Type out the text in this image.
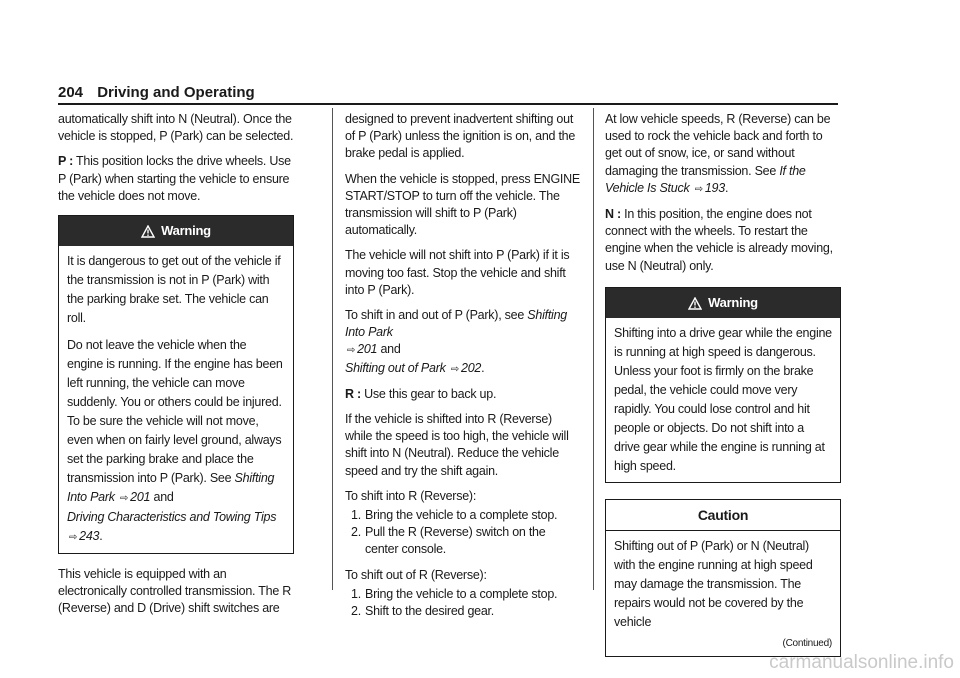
204 Driving and Operating

automatically shift into N (Neutral). Once the vehicle is stopped, P (Park) can be selected.

P : This position locks the drive wheels. Use P (Park) when starting the vehicle to ensure the vehicle does not move.

Warning

It is dangerous to get out of the vehicle if the transmission is not in P (Park) with the parking brake set. The vehicle can roll.

Do not leave the vehicle when the engine is running. If the engine has been left running, the vehicle can move suddenly. You or others could be injured. To be sure the vehicle will not move, even when on fairly level ground, always set the parking brake and place the transmission into P (Park). See Shifting Into Park ⇨ 201 and
Driving Characteristics and Towing Tips
⇨ 243.

This vehicle is equipped with an electronically controlled transmission. The R (Reverse) and D (Drive) shift switches are

designed to prevent inadvertent shifting out of P (Park) unless the ignition is on, and the brake pedal is applied.

When the vehicle is stopped, press ENGINE START/STOP to turn off the vehicle. The transmission will shift to P (Park) automatically.

The vehicle will not shift into P (Park) if it is moving too fast. Stop the vehicle and shift into P (Park).

To shift in and out of P (Park), see Shifting Into Park
⇨ 201 and
Shifting out of Park ⇨ 202.

R : Use this gear to back up.

If the vehicle is shifted into R (Reverse) while the speed is too high, the vehicle will shift into N (Neutral). Reduce the vehicle speed and try the shift again.

To shift into R (Reverse):

1. Bring the vehicle to a complete stop.
2. Pull the R (Reverse) switch on the center console.

To shift out of R (Reverse):

1. Bring the vehicle to a complete stop.
2. Shift to the desired gear.

At low vehicle speeds, R (Reverse) can be used to rock the vehicle back and forth to get out of snow, ice, or sand without damaging the transmission. See If the Vehicle Is Stuck ⇨ 193.

N : In this position, the engine does not connect with the wheels. To restart the engine when the vehicle is already moving, use N (Neutral) only.

Warning

Shifting into a drive gear while the engine is running at high speed is dangerous. Unless your foot is firmly on the brake pedal, the vehicle could move very rapidly. You could lose control and hit people or objects. Do not shift into a drive gear while the engine is running at high speed.

Caution

Shifting out of P (Park) or N (Neutral) with the engine running at high speed may damage the transmission. The repairs would not be covered by the vehicle

(Continued)
carmanualsonline.info
